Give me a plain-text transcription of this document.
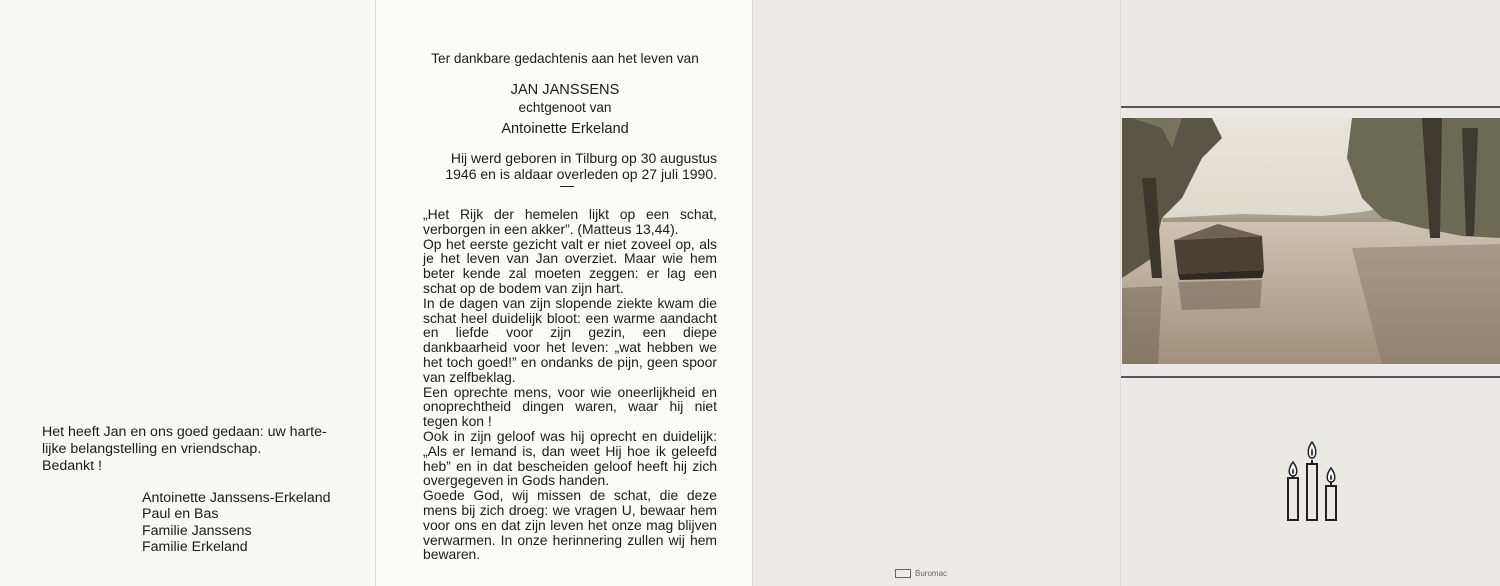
Het heeft Jan en ons goed gedaan: uw harte-

lijke belangstelling en vriendschap.

Bedankt !

Antoinette Janssens-Erkeland
Paul en Bas
Familie Janssens
Familie Erkeland
Ter dankbare gedachtenis aan het leven van
JAN JANSSENS
echtgenoot van
Antoinette Erkeland
Hij werd geboren in Tilburg op 30 augustus 1946 en is aldaar overleden op 27 juli 1990.

„Het Rijk der hemelen lijkt op een schat, verborgen in een akker”. (Matteus 13,44).

Op het eerste gezicht valt er niet zoveel op, als je het leven van Jan overziet. Maar wie hem beter kende zal moeten zeggen: er lag een schat op de bodem van zijn hart.

In de dagen van zijn slopende ziekte kwam die schat heel duidelijk bloot: een warme aandacht en liefde voor zijn gezin, een diepe dankbaarheid voor het leven: „wat hebben we het toch goed!” en ondanks de pijn, geen spoor van zelfbeklag.

Een oprechte mens, voor wie oneerlijkheid en onoprechtheid dingen waren, waar hij niet tegen kon !

Ook in zijn geloof was hij oprecht en duidelijk: „Als er Iemand is, dan weet Hij hoe ik geleefd heb” en in dat bescheiden geloof heeft hij zich overgegeven in Gods handen.

Goede God, wij missen de schat, die deze mens bij zich droeg: we vragen U, bewaar hem voor ons en dat zijn leven het onze mag blijven verwarmen. In onze herinnering zullen wij hem bewaren.

Buromac
